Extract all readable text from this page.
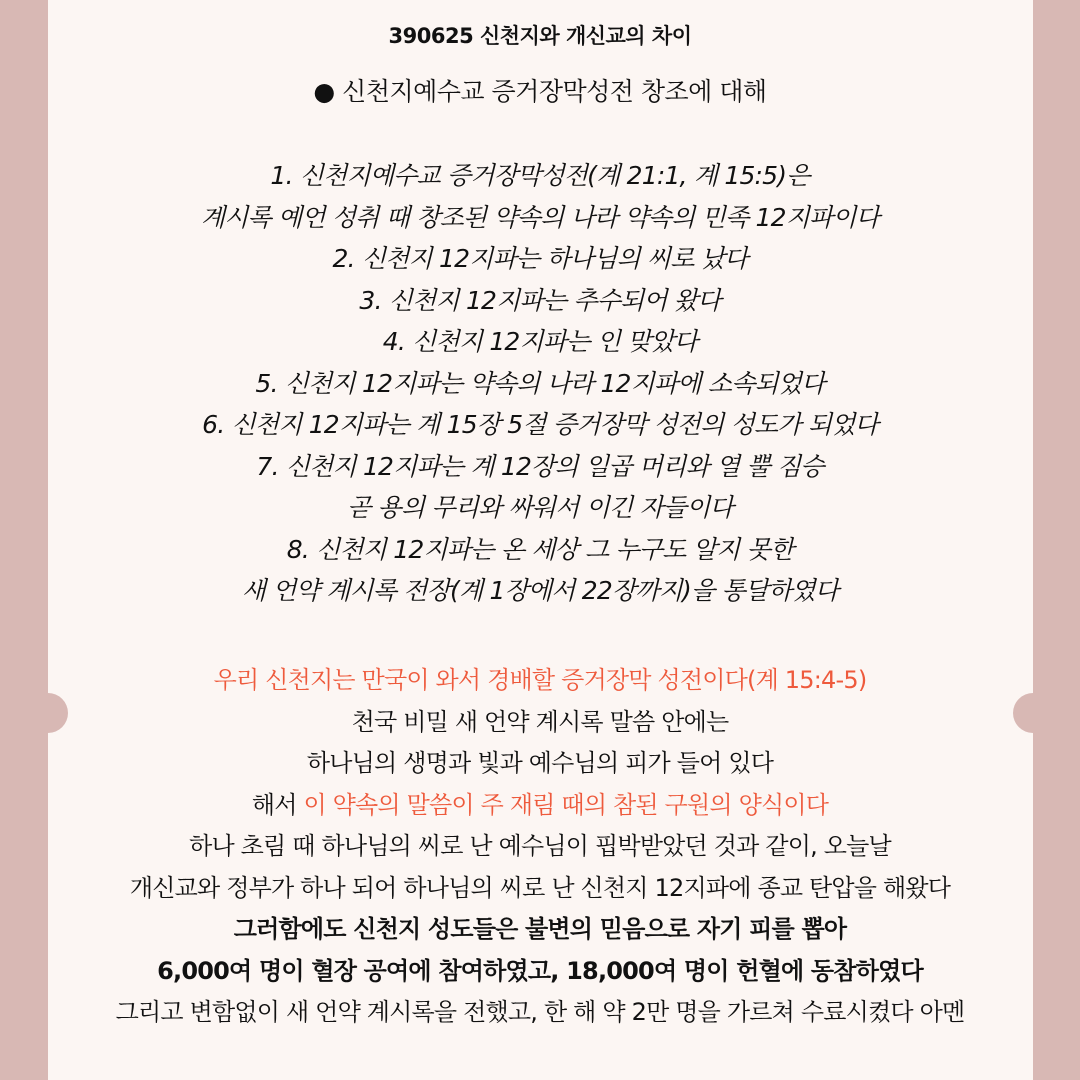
390625 신천지와 개신교의 차이
● 신천지예수교 증거장막성전 창조에 대해
1. 신천지예수교 증거장막성전(계 21:1, 계 15:5)은
계시록 예언 성취 때 창조된 약속의 나라 약속의 민족 12지파이다
2. 신천지 12지파는 하나님의 씨로 났다
3. 신천지 12지파는 추수되어 왔다
4. 신천지 12지파는 인 맞았다
5. 신천지 12지파는 약속의 나라 12지파에 소속되었다
6. 신천지 12지파는 계 15장 5절 증거장막 성전의 성도가 되었다
7. 신천지 12지파는 계 12장의 일곱 머리와 열 뿔 짐승
곧 용의 무리와 싸워서 이긴 자들이다
8. 신천지 12지파는 온 세상 그 누구도 알지 못한
새 언약 계시록 전장(계 1장에서 22장까지)을 통달하였다
우리 신천지는 만국이 와서 경배할 증거장막 성전이다(계 15:4-5)
천국 비밀 새 언약 계시록 말씀 안에는
하나님의 생명과 빛과 예수님의 피가 들어 있다
해서 이 약속의 말씀이 주 재림 때의 참된 구원의 양식이다
하나 초림 때 하나님의 씨로 난 예수님이 핍박받았던 것과 같이, 오늘날
개신교와 정부가 하나 되어 하나님의 씨로 난 신천지 12지파에 종교 탄압을 해왔다
그러함에도 신천지 성도들은 불변의 믿음으로 자기 피를 뽑아
6,000여 명이 혈장 공여에 참여하였고, 18,000여 명이 헌혈에 동참하였다
그리고 변함없이 새 언약 계시록을 전했고, 한 해 약 2만 명을 가르쳐 수료시켰다 아멘
